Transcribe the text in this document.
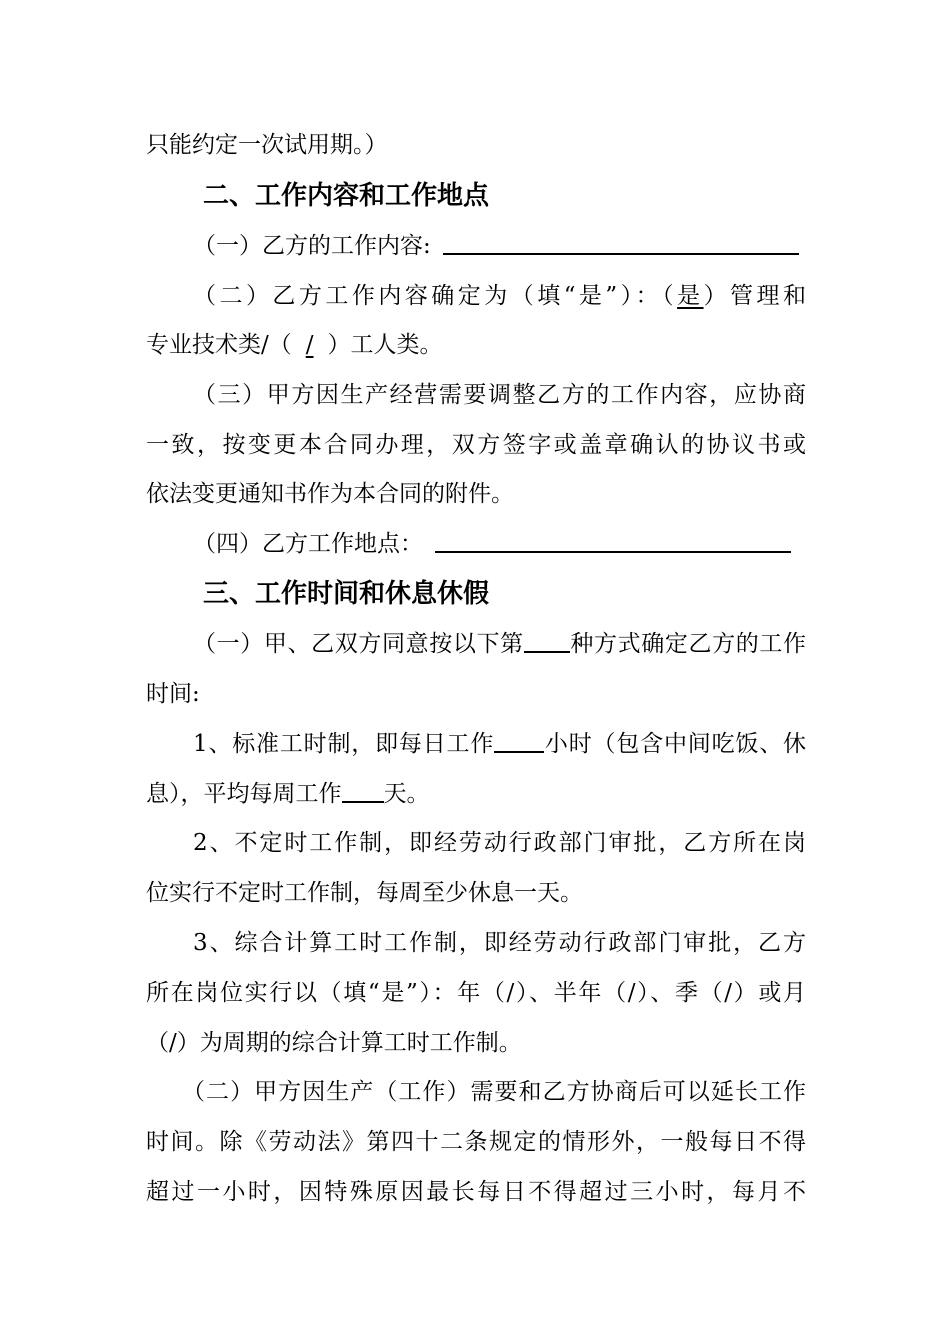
只能约定一次试用期。）
二、工作内容和工作地点
（一）乙方的工作内容:
（二）乙方工作内容确定为（填“是”）：（是）管理和
专业技术类/（ / ）工人类。
（三）甲方因生产经营需要调整乙方的工作内容，应协商
一致，按变更本合同办理，双方签字或盖章确认的协议书或
依法变更通知书作为本合同的附件。
（四）乙方工作地点：
三、工作时间和休息休假
（一）甲、乙双方同意按以下第 种方式确定乙方的工作
时间:
1、标准工时制，即每日工作 小时（包含中间吃饭、休
息），平均每周工作 天。
2、不定时工作制，即经劳动行政部门审批，乙方所在岗
位实行不定时工作制，每周至少休息一天。
3、综合计算工时工作制，即经劳动行政部门审批，乙方
所在岗位实行以（填“是”）：年（/）、半年（/）、季（/）或月
（/）为周期的综合计算工时工作制。
（二）甲方因生产（工作）需要和乙方协商后可以延长工作
时间。除《劳动法》第四十二条规定的情形外，一般每日不得
超过一小时，因特殊原因最长每日不得超过三小时，每月不
